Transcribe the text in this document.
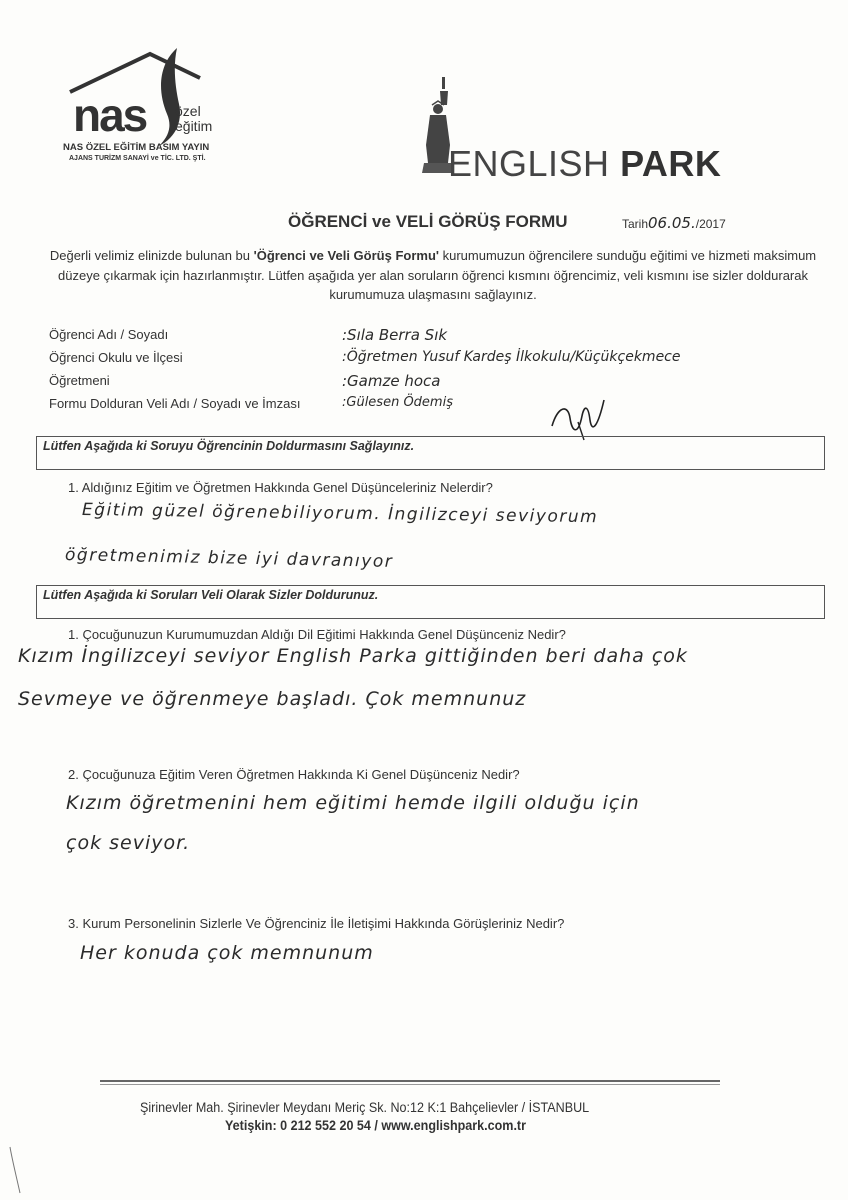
nas özel
eğitim
NAS ÖZEL EĞİTİM BASIM YAYIN
AJANS TURİZM SANAYİ ve TİC. LTD. ŞTİ.	ENGLISH PARK
ÖĞRENCİ ve VELİ GÖRÜŞ FORMU	Tarih06.05./2017
Değerli velimiz elinizde bulunan bu 'Öğrenci ve Veli Görüş Formu' kurumumuzun öğrencilere sunduğu eğitimi ve hizmeti maksimum düzeye çıkarmak için hazırlanmıştır. Lütfen aşağıda yer alan soruların öğrenci kısmını öğrencimiz, veli kısmını ise sizler doldurarak kurumumuza ulaşmasını sağlayınız.
Öğrenci Adı / Soyadı	:Sıla Berra Sık
Öğrenci Okulu ve İlçesi	:Öğretmen Yusuf Kardeş İlkokulu/Küçükçekmece
Öğretmeni	:Gamze hoca
Formu Dolduran Veli Adı / Soyadı ve İmzası	:Gülesen Ödemiş
Lütfen Aşağıda ki Soruyu Öğrencinin Doldurmasını Sağlayınız.
1. Aldığınız Eğitim ve Öğretmen Hakkında Genel Düşünceleriniz Nelerdir?
Eğitim güzel öğrenebiliyorum. İngilizceyi seviyorum
öğretmenimiz bize iyi davranıyor
Lütfen Aşağıda ki Soruları Veli Olarak Sizler Doldurunuz.
1. Çocuğunuzun Kurumumuzdan Aldığı Dil Eğitimi Hakkında Genel Düşünceniz Nedir?
Kızım İngilizceyi seviyor English Parka gittiğinden beri daha çok
Sevmeye ve öğrenmeye başladı. Çok memnunuz
2. Çocuğunuza Eğitim Veren Öğretmen Hakkında Ki Genel Düşünceniz Nedir?
Kızım öğretmenini hem eğitimi hemde ilgili olduğu için
çok seviyor.
3. Kurum Personelinin Sizlerle Ve Öğrenciniz İle İletişimi Hakkında Görüşleriniz Nedir?
Her konuda çok memnunum
Şirinevler Mah. Şirinevler Meydanı Meriç Sk. No:12 K:1 Bahçelievler / İSTANBUL
Yetişkin: 0 212 552 20 54 / www.englishpark.com.tr
